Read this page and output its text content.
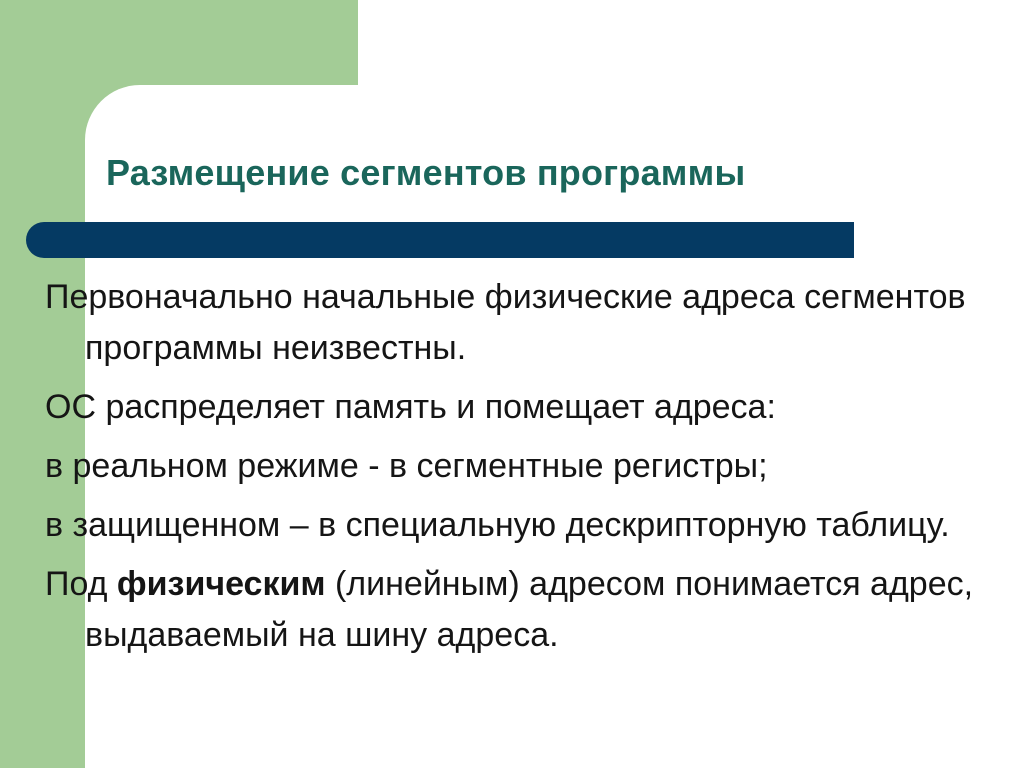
Размещение сегментов программы
Первоначально начальные физические адреса сегментов программы неизвестны.
ОС распределяет память и помещает адреса:
в реальном режиме - в сегментные регистры;
в защищенном – в специальную дескрипторную таблицу.
Под физическим (линейным) адресом понимается адрес, выдаваемый на шину адреса.
